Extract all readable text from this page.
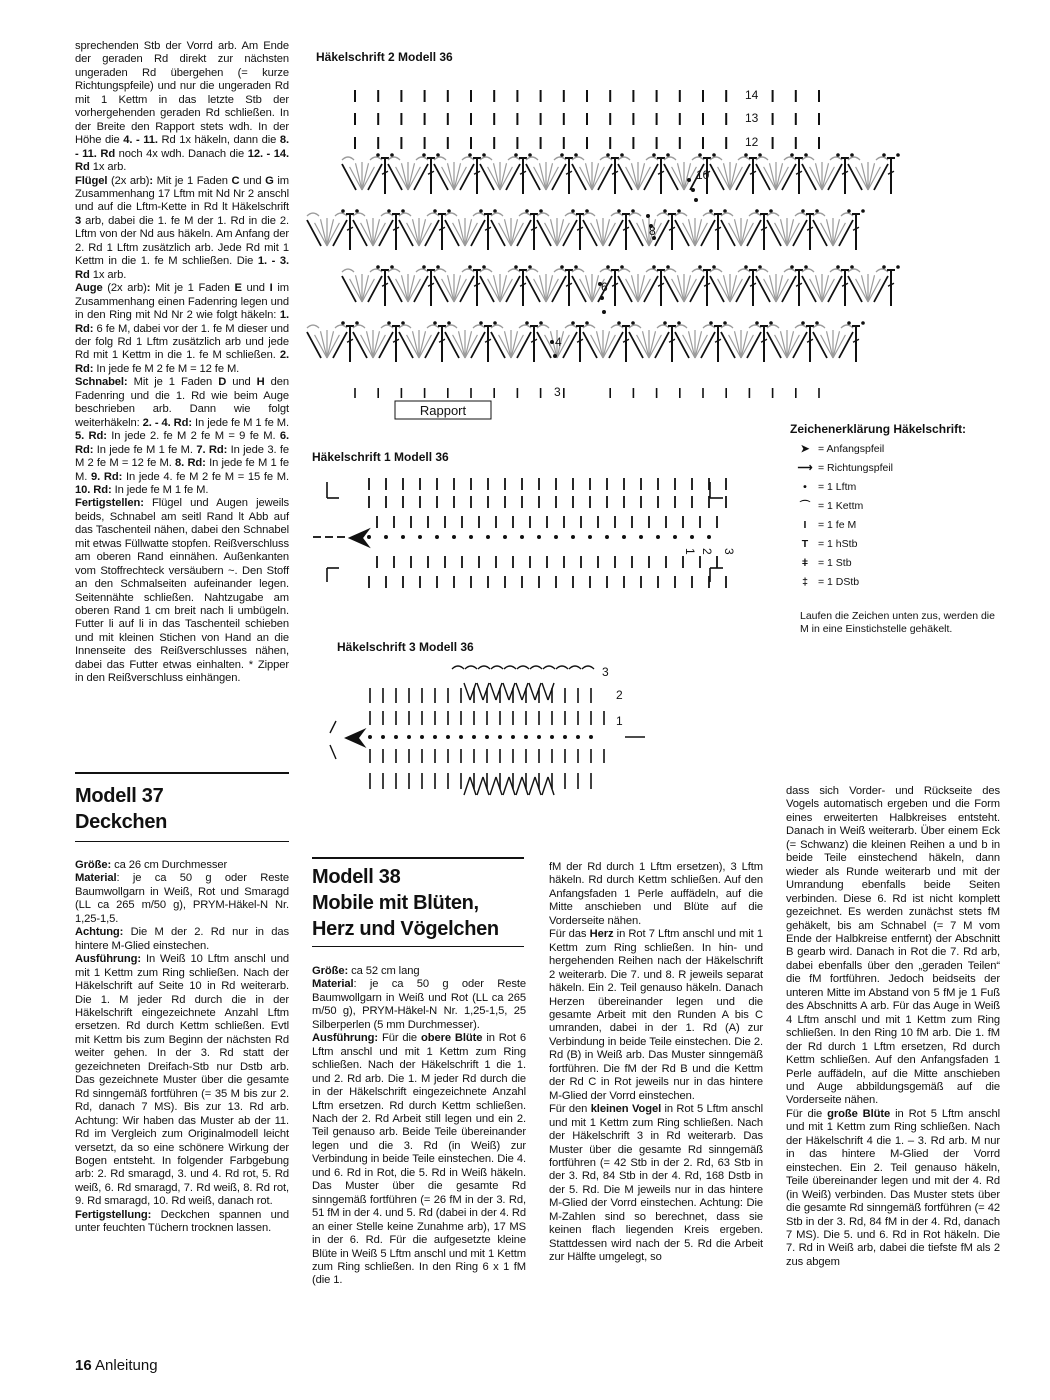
sprechenden Stb der Vorrd arb. Am Ende der geraden Rd direkt zur nächsten ungeraden Rd übergehen (= kurze Richtungspfeile) und nur die ungeraden Rd mit 1 Kettm in das letzte Stb der vorhergehenden geraden Rd schließen. In der Breite den Rapport stets wdh. In der Höhe die 4. - 11. Rd 1x häkeln, dann die 8. - 11. Rd noch 4x wdh. Danach die 12. - 14. Rd 1x arb.

Flügel (2x arb): Mit je 1 Faden C und G im Zusammenhang 17 Lftm mit Nd Nr 2 anschl und auf die Lftm-Kette in Rd lt Häkelschrift 3 arb, dabei die 1. fe M der 1. Rd in die 2. Lftm von der Nd aus häkeln. Am Anfang der 2. Rd 1 Lftm zusätzlich arb. Jede Rd mit 1 Kettm in die 1. fe M schließen. Die 1. - 3. Rd 1x arb.

Auge (2x arb): Mit je 1 Faden E und I im Zusammenhang einen Fadenring legen und in den Ring mit Nd Nr 2 wie folgt häkeln: 1. Rd: 6 fe M, dabei vor der 1. fe M dieser und der folg Rd 1 Lftm zusätzlich arb und jede Rd mit 1 Kettm in die 1. fe M schließen. 2. Rd: In jede fe M 2 fe M = 12 fe M.

Schnabel: Mit je 1 Faden D und H den Fadenring und die 1. Rd wie beim Auge beschrieben arb. Dann wie folgt weiterhäkeln: 2. - 4. Rd: In jede fe M 1 fe M. 5. Rd: In jede 2. fe M 2 fe M = 9 fe M. 6. Rd: In jede fe M 1 fe M. 7. Rd: In jede 3. fe M 2 fe M = 12 fe M. 8. Rd: In jede fe M 1 fe M. 9. Rd: In jede 4. fe M 2 fe M = 15 fe M. 10. Rd: In jede fe M 1 fe M.

Fertigstellen: Flügel und Augen jeweils beids, Schnabel am seitl Rand lt Abb auf das Taschenteil nähen, dabei den Schnabel mit etwas Füllwatte stopfen. Reißverschluss am oberen Rand einnähen. Außenkanten vom Stoffrechteck versäubern ~. Den Stoff an den Schmalseiten aufeinander legen. Seitennähte schließen. Nahtzugabe am oberen Rand 1 cm breit nach li umbügeln. Futter li auf li in das Taschenteil schieben und mit kleinen Stichen von Hand an die Innenseite des Reißverschlusses nähen, dabei das Futter etwas einhalten. * Zipper in den Reißverschluss einhängen.

Modell 37
Deckchen

Größe: ca 26 cm Durchmesser

Material: je ca 50 g oder Reste Baumwollgarn in Weiß, Rot und Smaragd (LL ca 265 m/50 g), PRYM-Häkel-N Nr. 1,25-1,5.

Achtung: Die M der 2. Rd nur in das hintere M-Glied einstechen.

Ausführung: In Weiß 10 Lftm anschl und mit 1 Kettm zum Ring schließen. Nach der Häkelschrift auf Seite 10 in Rd weiterarb. Die 1. M jeder Rd durch die in der Häkelschrift eingezeichnete Anzahl Lftm ersetzen. Rd durch Kettm schließen. Evtl mit Kettm bis zum Beginn der nächsten Rd weiter gehen. In der 3. Rd statt der gezeichneten Dreifach-Stb nur Dstb arb. Das gezeichnete Muster über die gesamte Rd sinngemäß fortführen (= 35 M bis zur 2. Rd, danach 7 MS). Bis zur 13. Rd arb. Achtung: Wir haben das Muster ab der 11. Rd im Vergleich zum Originalmodell leicht versetzt, da so eine schönere Wirkung der Bogen entsteht. In folgender Farbgebung arb: 2. Rd smaragd, 3. und 4. Rd rot, 5. Rd weiß, 6. Rd smaragd, 7. Rd weiß, 8. Rd rot, 9. Rd smaragd, 10. Rd weiß, danach rot.

Fertigstellung: Deckchen spannen und unter feuchten Tüchern trocknen lassen.

Modell 38
Mobile mit Blüten,
Herz und Vögelchen

Größe: ca 52 cm lang

Material: je ca 50 g oder Reste Baumwollgarn in Weiß und Rot (LL ca 265 m/50 g), PRYM-Häkel-N Nr. 1,25-1,5, 25 Silberperlen (5 mm Durchmesser).

Ausführung: Für die obere Blüte in Rot 6 Lftm anschl und mit 1 Kettm zum Ring schließen. Nach der Häkelschrift 1 die 1. und 2. Rd arb. Die 1. M jeder Rd durch die in der Häkelschrift eingezeichnete Anzahl Lftm ersetzen. Rd durch Kettm schließen. Nach der 2. Rd Arbeit still legen und ein 2. Teil genauso arb. Beide Teile übereinander legen und die 3. Rd (in Weiß) zur Verbindung in beide Teile einstechen. Die 4. und 6. Rd in Rot, die 5. Rd in Weiß häkeln. Das Muster über die gesamte Rd sinngemäß fortführen (= 26 fM in der 3. Rd, 51 fM in der 4. und 5. Rd (dabei in der 4. Rd an einer Stelle keine Zunahme arb), 17 MS in der 6. Rd. Für die aufgesetzte kleine Blüte in Weiß 5 Lftm anschl und mit 1 Kettm zum Ring schließen. In den Ring 6 x 1 fM (die 1.

fM der Rd durch 1 Lftm ersetzen), 3 Lftm häkeln. Rd durch Kettm schließen. Auf den Anfangsfaden 1 Perle auffädeln, auf die Mitte anschieben und Blüte auf die Vorderseite nähen.

Für das Herz in Rot 7 Lftm anschl und mit 1 Kettm zum Ring schließen. In hin- und hergehenden Reihen nach der Häkelschrift 2 weiterarb. Die 7. und 8. R jeweils separat häkeln. Ein 2. Teil genauso häkeln. Danach Herzen übereinander legen und die gesamte Arbeit mit den Runden A bis C umranden, dabei in der 1. Rd (A) zur Verbindung in beide Teile einstechen. Die 2. Rd (B) in Weiß arb. Das Muster sinngemäß fortführen. Die fM der Rd B und die Kettm der Rd C in Rot jeweils nur in das hintere M-Glied der Vorrd einstechen.

Für den kleinen Vogel in Rot 5 Lftm anschl und mit 1 Kettm zum Ring schließen. Nach der Häkelschrift 3 in Rd weiterarb. Das Muster über die gesamte Rd sinngemäß fortführen (= 42 Stb in der 2. Rd, 63 Stb in der 3. Rd, 84 Stb in der 4. Rd, 168 Dstb in der 5. Rd. Die M jeweils nur in das hintere M-Glied der Vorrd einstechen. Achtung: Die M-Zahlen sind so berechnet, dass sie keinen flach liegenden Kreis ergeben. Stattdessen wird nach der 5. Rd die Arbeit zur Hälfte umgelegt, so

dass sich Vorder- und Rückseite des Vogels automatisch ergeben und die Form eines erweiterten Halbkreises entsteht. Danach in Weiß weiterarb. Über einem Eck (= Schwanz) die kleinen Reihen a und b in beide Teile einstechend häkeln, dann wieder als Runde weiterarb und mit der Umrandung ebenfalls beide Seiten verbinden. Diese 6. Rd ist nicht komplett gezeichnet. Es werden zunächst stets fM gehäkelt, bis am Schnabel (= 7 M vom Ende der Halbkreise entfernt) der Abschnitt B gearb wird. Danach in Rot die 7. Rd arb, dabei ebenfalls über den „geraden Teilen“ die fM fortführen. Jedoch beidseits der unteren Mitte im Abstand von 5 fM je 1 Fuß des Abschnitts A arb. Für das Auge in Weiß 4 Lftm anschl und mit 1 Kettm zum Ring schließen. In den Ring 10 fM arb. Die 1. fM der Rd durch 1 Lftm ersetzen, Rd durch Kettm schließen. Auf den Anfangsfaden 1 Perle auffädeln, auf die Mitte anschieben und Auge abbildungsgemäß auf die Vorderseite nähen.

Für die große Blüte in Rot 5 Lftm anschl und mit 1 Kettm zum Ring schließen. Nach der Häkelschrift 4 die 1. – 3. Rd arb. M nur in das hintere M-Glied der Vorrd einstechen. Ein 2. Teil genauso häkeln, Teile übereinander legen und mit der 4. Rd (in Weiß) verbinden. Das Muster stets über die gesamte Rd sinngemäß fortführen (= 42 Stb in der 3. Rd, 84 fM in der 4. Rd, danach 7 MS). Die 5. und 6. Rd in Rot häkeln. Die 7. Rd in Weiß arb, dabei die tiefste fM als 2 zus abgem

Häkelschrift 2 Modell 36
Häkelschrift 1 Modell 36
Häkelschrift 3 Modell 36
Rapport
14
13
12
10
8
6
4
3
1 2 3
3
2
1
Zeichenerklärung Häkelschrift:
➤ = Anfangspfeil
⟶ = Richtungspfeil
• = 1 Lftm
⌒ = 1 Kettm
I = 1 fe M
T = 1 hStb
ǂ = 1 Stb
‡ = 1 DStb
Laufen die Zeichen unten zus, werden die M in eine Einstichstelle gehäkelt.
16 Anleitung
